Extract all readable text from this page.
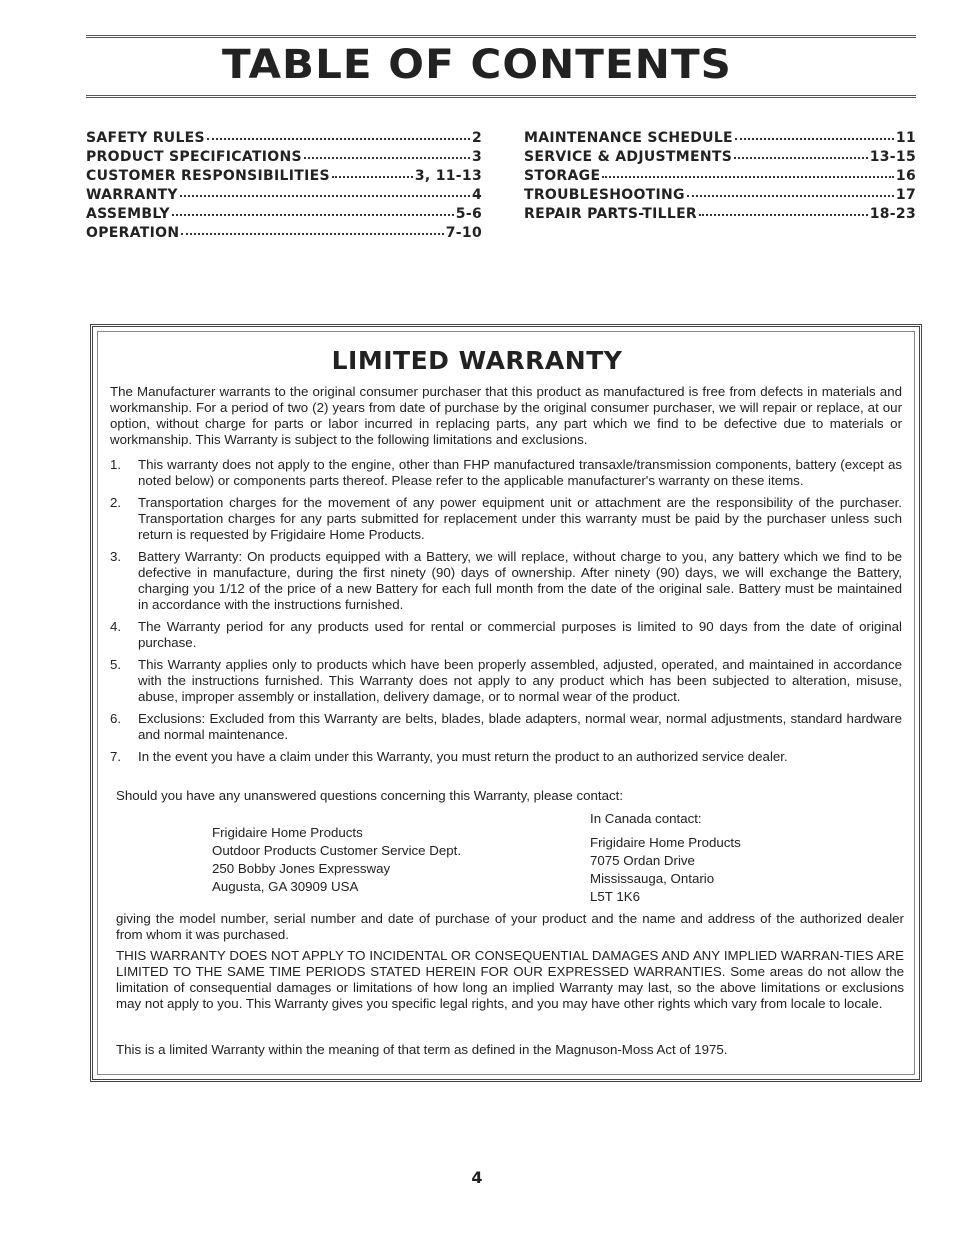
TABLE OF CONTENTS
SAFETY RULES	2
PRODUCT SPECIFICATIONS	3
CUSTOMER RESPONSIBILITIES	3, 11-13
WARRANTY	4
ASSEMBLY	5-6
OPERATION	7-10
MAINTENANCE SCHEDULE	11
SERVICE & ADJUSTMENTS	13-15
STORAGE	16
TROUBLESHOOTING	17
REPAIR PARTS-TILLER	18-23
LIMITED WARRANTY
The Manufacturer warrants to the original consumer purchaser that this product as manufactured is free from defects in materials and workmanship. For a period of two (2) years from date of purchase by the original consumer purchaser, we will repair or replace, at our option, without charge for parts or labor incurred in replacing parts, any part which we find to be defective due to materials or workmanship. This Warranty is subject to the following limitations and exclusions.
1.	This warranty does not apply to the engine, other than FHP manufactured transaxle/transmission components, battery (except as noted below) or components parts thereof. Please refer to the applicable manufacturer's warranty on these items.
2.	Transportation charges for the movement of any power equipment unit or attachment are the responsibility of the purchaser. Transportation charges for any parts submitted for replacement under this warranty must be paid by the purchaser unless such return is requested by Frigidaire Home Products.
3.	Battery Warranty: On products equipped with a Battery, we will replace, without charge to you, any battery which we find to be defective in manufacture, during the first ninety (90) days of ownership. After ninety (90) days, we will exchange the Battery, charging you 1/12 of the price of a new Battery for each full month from the date of the original sale. Battery must be maintained in accordance with the instructions furnished.
4.	The Warranty period for any products used for rental or commercial purposes is limited to 90 days from the date of original purchase.
5.	This Warranty applies only to products which have been properly assembled, adjusted, operated, and maintained in accordance with the instructions furnished. This Warranty does not apply to any product which has been subjected to alteration, misuse, abuse, improper assembly or installation, delivery damage, or to normal wear of the product.
6.	Exclusions: Excluded from this Warranty are belts, blades, blade adapters, normal wear, normal adjustments, standard hardware and normal maintenance.
7.	In the event you have a claim under this Warranty, you must return the product to an authorized service dealer.
Should you have any unanswered questions concerning this Warranty, please contact:
Frigidaire Home Products
Outdoor Products Customer Service Dept.
250 Bobby Jones Expressway
Augusta, GA 30909 USA
In Canada contact:
Frigidaire Home Products
7075 Ordan Drive
Mississauga, Ontario
L5T 1K6
giving the model number, serial number and date of purchase of your product and the name and address of the authorized dealer from whom it was purchased.
THIS WARRANTY DOES NOT APPLY TO INCIDENTAL OR CONSEQUENTIAL DAMAGES AND ANY IMPLIED WARRAN-TIES ARE LIMITED TO THE SAME TIME PERIODS STATED HEREIN FOR OUR EXPRESSED WARRANTIES. Some areas do not allow the limitation of consequential damages or limitations of how long an implied Warranty may last, so the above limitations or exclusions may not apply to you. This Warranty gives you specific legal rights, and you may have other rights which vary from locale to locale.
This is a limited Warranty within the meaning of that term as defined in the Magnuson-Moss Act of 1975.
4
